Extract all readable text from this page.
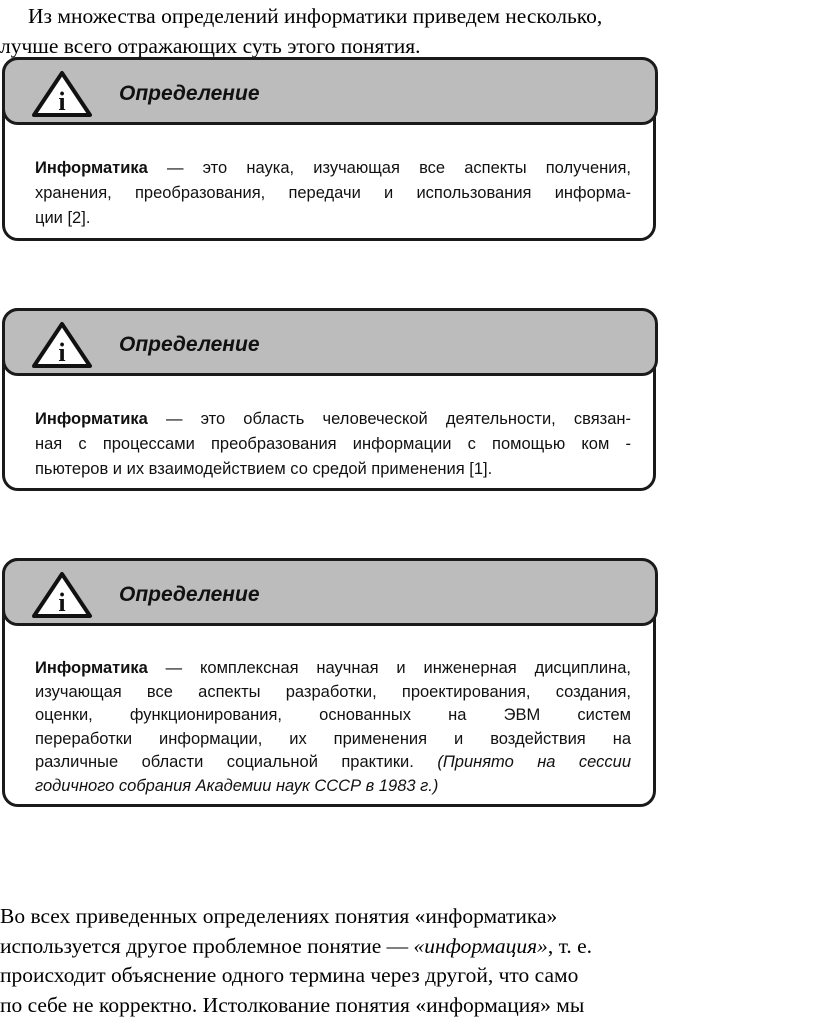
Из множества определений информатики приведем несколько,
лучше всего отражающих суть этого понятия.

i	Определение
Информатика — это наука, изучающая все аспекты получения,
хранения, преобразования, передачи и использования информа-
ции [2].
i	Определение
Информатика — это область человеческой деятельности, связан-
ная с процессами преобразования информации с помощью ком -
пьютеров и их взаимодействием со средой применения [1].
i	Определение
Информатика — комплексная научная и инженерная дисциплина,
изучающая все аспекты разработки, проектирования, создания,
оценки, функционирования, основанных на ЭВМ систем
переработки информации, их применения и воздействия на
различные области социальной практики. (Принято на сессии
годичного собрания Академии наук СССР в 1983 г.)

Во всех приведенных определениях понятия «информатика»
используется другое проблемное понятие — «информация», т. е.
происходит объяснение одного термина через другой, что само
по себе не корректно. Истолкование понятия «информация» мы
